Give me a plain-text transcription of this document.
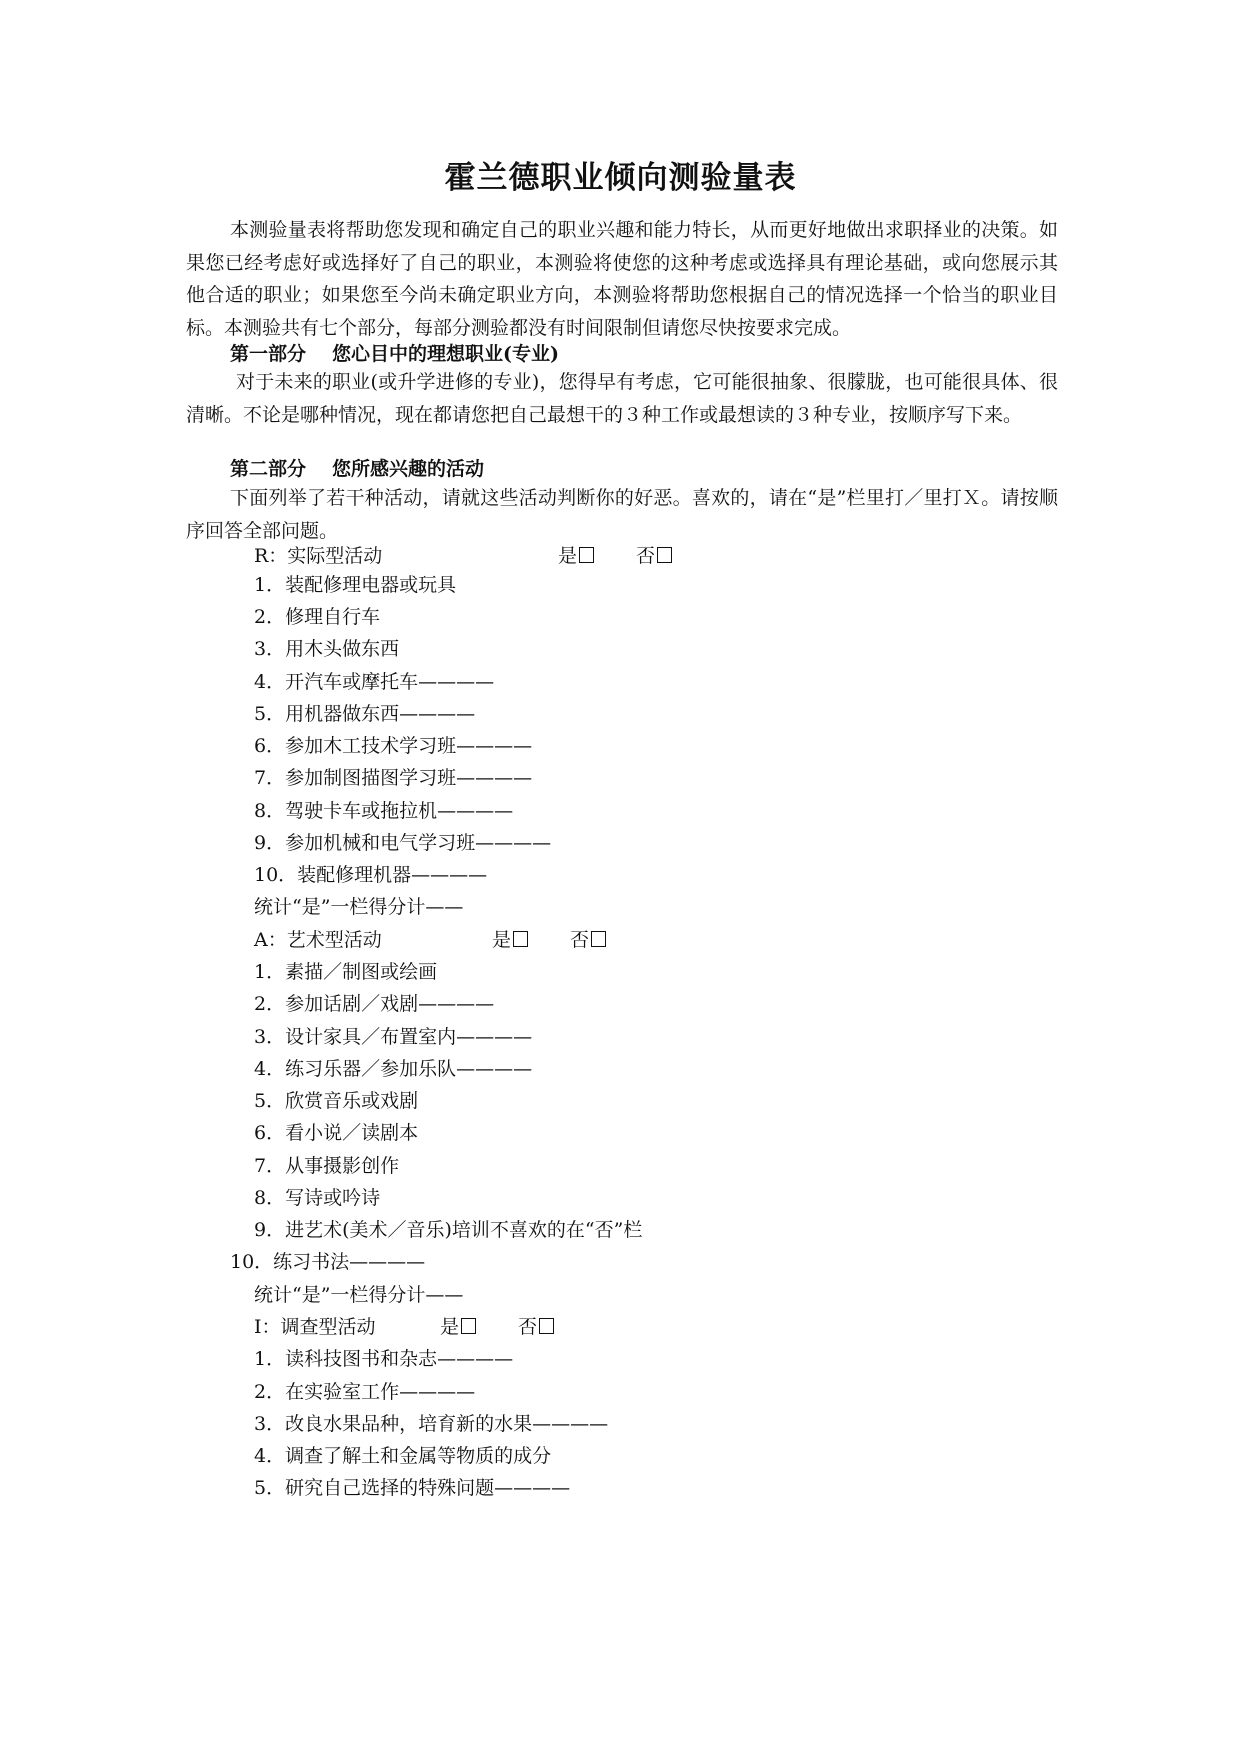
霍兰德职业倾向测验量表

本测验量表将帮助您发现和确定自己的职业兴趣和能力特长，从而更好地做出求职择业的决策。如果您已经考虑好或选择好了自己的职业，本测验将使您的这种考虑或选择具有理论基础，或向您展示其他合适的职业；如果您至今尚未确定职业方向，本测验将帮助您根据自己的情况选择一个恰当的职业目标。本测验共有七个部分，每部分测验都没有时间限制但请您尽快按要求完成。

第一部分 您心目中的理想职业(专业)

对于未来的职业(或升学进修的专业)，您得早有考虑，它可能很抽象、很朦胧，也可能很具体、很清晰。不论是哪种情况，现在都请您把自己最想干的３种工作或最想读的３种专业，按顺序写下来。

第二部分 您所感兴趣的活动

下面列举了若干种活动，请就这些活动判断你的好恶。喜欢的，请在“是”栏里打／里打Ｘ。请按顺序回答全部问题。

R：实际型活动	是	否
1．装配修理电器或玩具
2．修理自行车
3．用木头做东西
4．开汽车或摩托车————
5．用机器做东西————
6．参加木工技术学习班————
7．参加制图描图学习班————
8．驾驶卡车或拖拉机————
9．参加机械和电气学习班————
10．装配修理机器————
统计“是”一栏得分计——
A：艺术型活动	是	否
1．素描／制图或绘画
2．参加话剧／戏剧————
3．设计家具／布置室内————
4．练习乐器／参加乐队————
5．欣赏音乐或戏剧
6．看小说／读剧本
7．从事摄影创作
8．写诗或吟诗
9．进艺术(美术／音乐)培训不喜欢的在“否”栏
10．练习书法————
统计“是”一栏得分计——
I：调查型活动	是	否
1．读科技图书和杂志————
2．在实验室工作————
3．改良水果品种，培育新的水果————
4．调查了解土和金属等物质的成分
5．研究自己选择的特殊问题————
